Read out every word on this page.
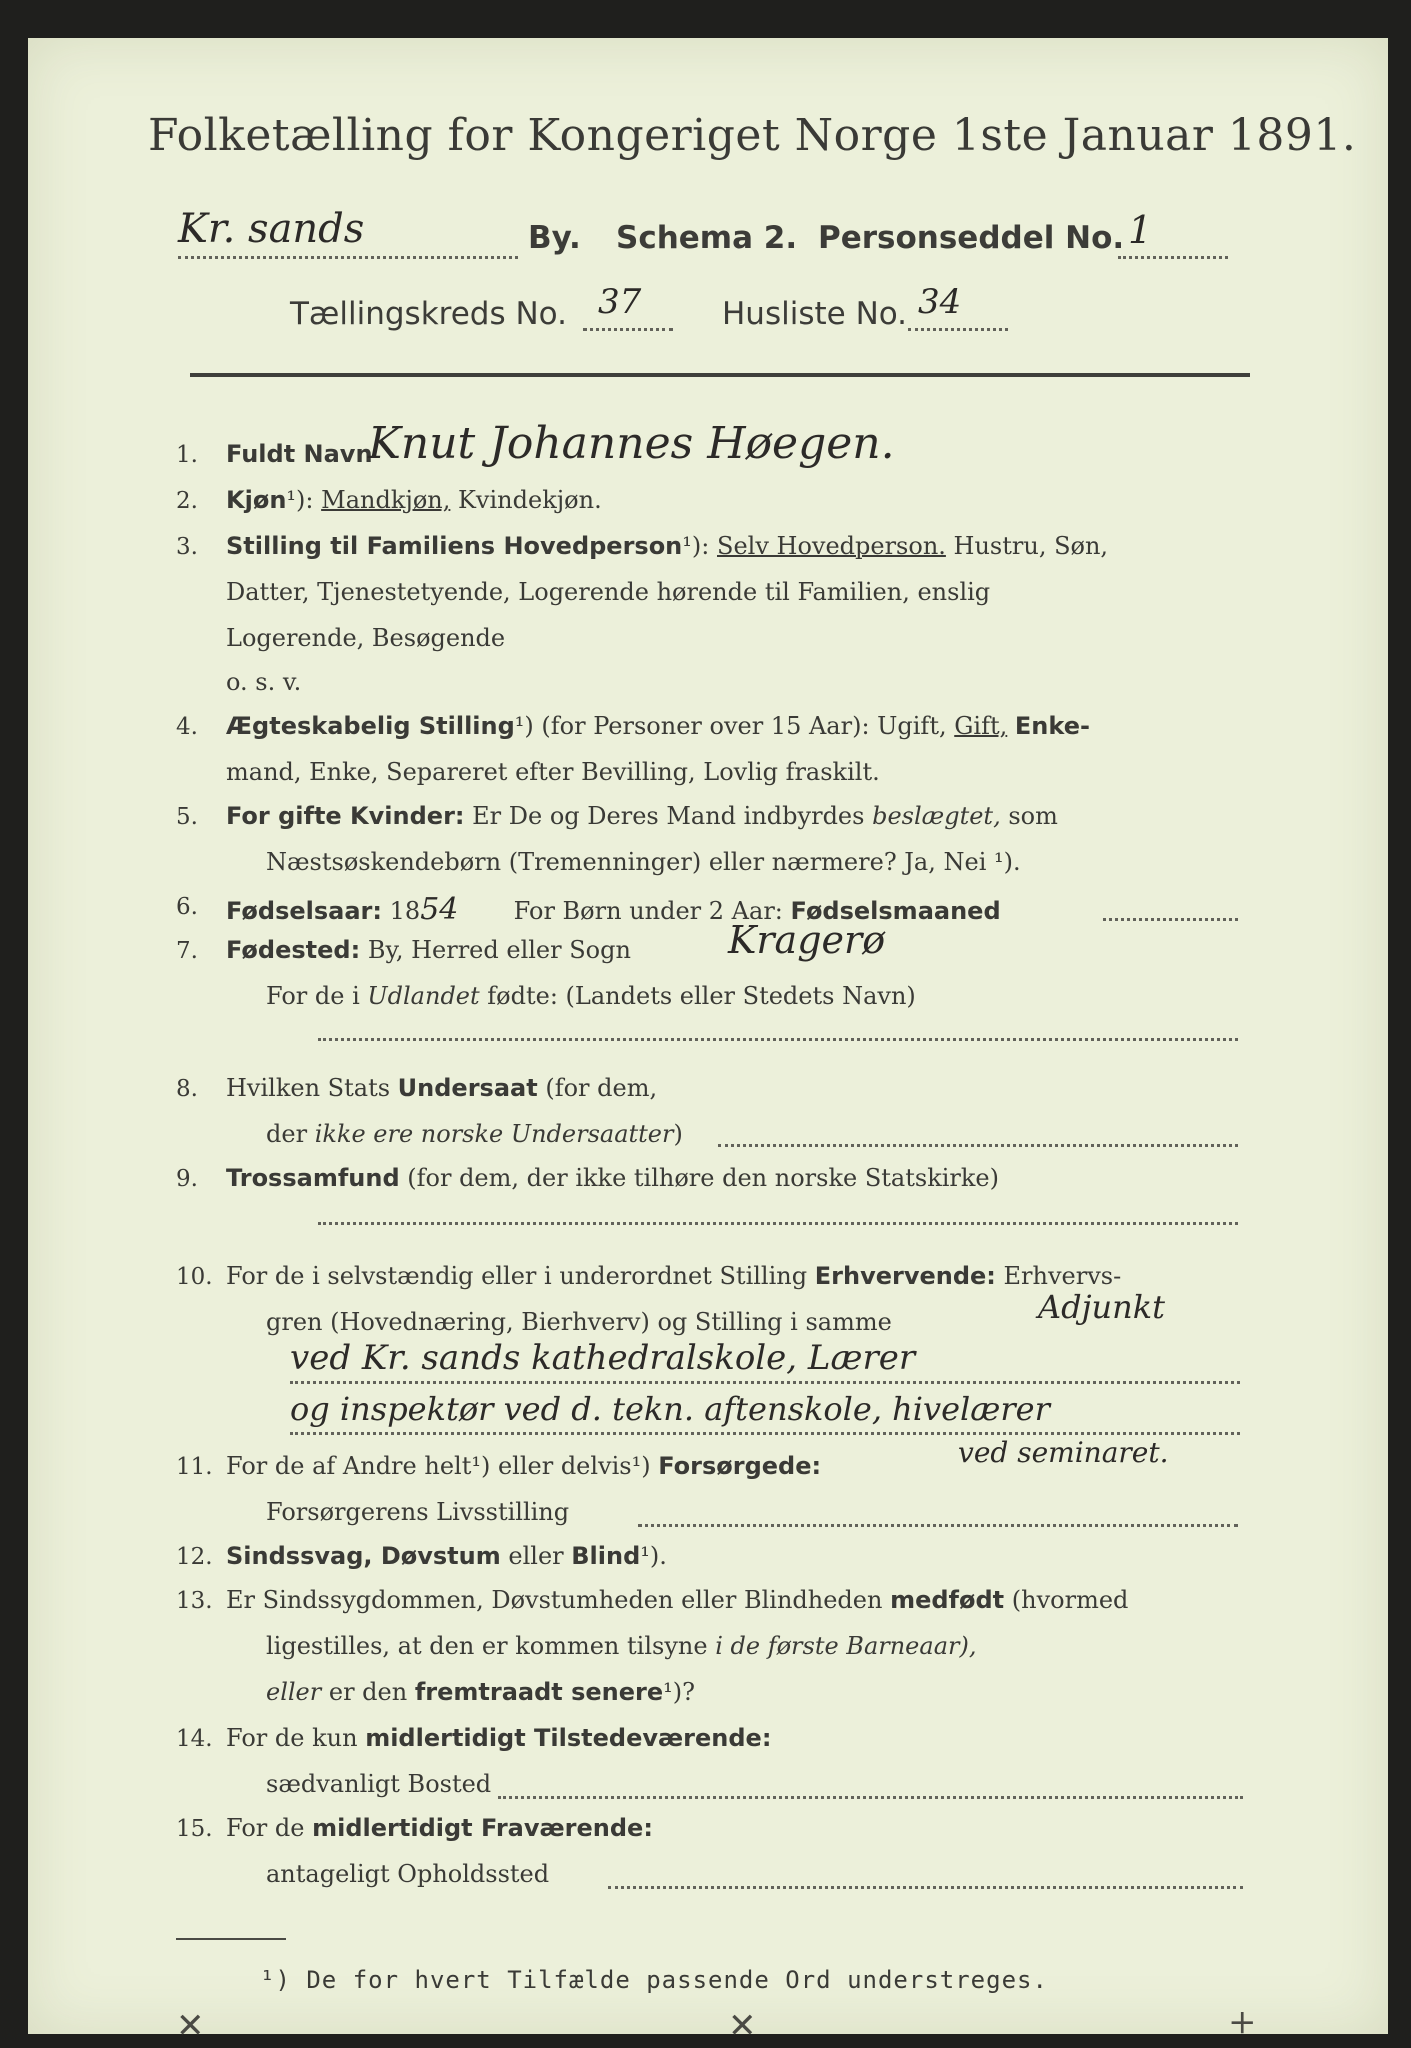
Folketælling for Kongeriget Norge 1ste Januar 1891.
Kr. sands	By. Schema 2. Personseddel No. 1
Tællingskreds No. 37	Husliste No. 34
1. Fuldt Navn
Knut Johannes Høegen.
2. Kjøn¹): Mandkjøn, Kvindekjøn.
3. Stilling til Familiens Hovedperson¹): Selv Hovedperson. Hustru, Søn,
Datter, Tjenestetyende, Logerende hørende til Familien, enslig
Logerende, Besøgende
o. s. v.
4. Ægteskabelig Stilling¹) (for Personer over 15 Aar): Ugift, Gift, Enke-
mand, Enke, Separeret efter Bevilling, Lovlig fraskilt.
5. For gifte Kvinder: Er De og Deres Mand indbyrdes beslægtet, som
Næstsøskendebørn (Tremenninger) eller nærmere? Ja, Nei ¹).
6. Fødselsaar: 1854 For Børn under 2 Aar: Fødselsmaaned
7. Fødested: By, Herred eller Sogn	Kragerø
For de i Udlandet fødte: (Landets eller Stedets Navn)
8. Hvilken Stats Undersaat (for dem,
der ikke ere norske Undersaatter)
9. Trossamfund (for dem, der ikke tilhøre den norske Statskirke)
10. For de i selvstændig eller i underordnet Stilling Erhvervende: Erhvervs-
gren (Hovednæring, Bierhverv) og Stilling i samme	Adjunkt
ved Kr. sands kathedralskole, Lærer
og inspektør ved d. tekn. aftenskole, hivelærer
ved seminaret.
11. For de af Andre helt¹) eller delvis¹) Forsørgede:
Forsørgerens Livsstilling
12. Sindssvag, Døvstum eller Blind¹).
13. Er Sindssygdommen, Døvstumheden eller Blindheden medfødt (hvormed
ligestilles, at den er kommen tilsyne i de første Barneaar),
eller er den fremtraadt senere¹)?
14. For de kun midlertidigt Tilstedeværende:
sædvanligt Bosted
15. For de midlertidigt Fraværende:
antageligt Opholdssted
¹) De for hvert Tilfælde passende Ord understreges.
✕	✕	+
